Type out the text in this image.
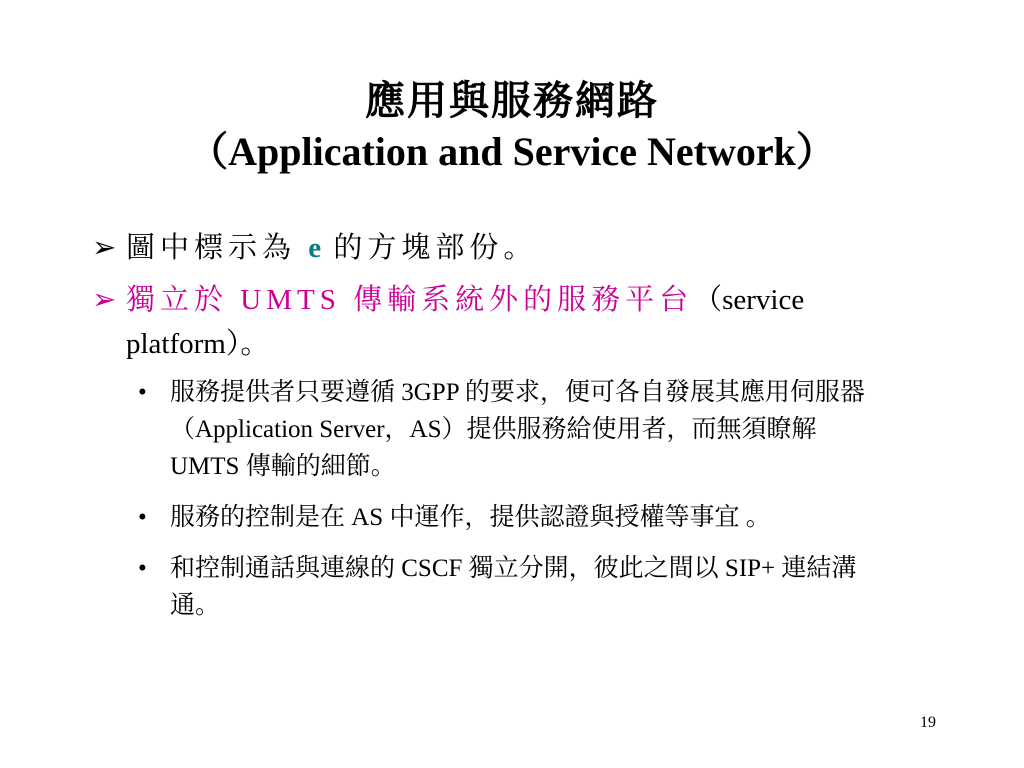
應用與服務網路
（Application and Service Network）
➢ 圖中標示為 e 的方塊部份。
➢ 獨立於 UMTS 傳輸系統外的服務平台（service platform）。
• 服務提供者只要遵循 3GPP 的要求，便可各自發展其應用伺服器（Application Server，AS）提供服務給使用者，而無須瞭解 UMTS 傳輸的細節。
• 服務的控制是在 AS 中運作，提供認證與授權等事宜 。
• 和控制通話與連線的 CSCF 獨立分開，彼此之間以 SIP+ 連結溝通。
19
